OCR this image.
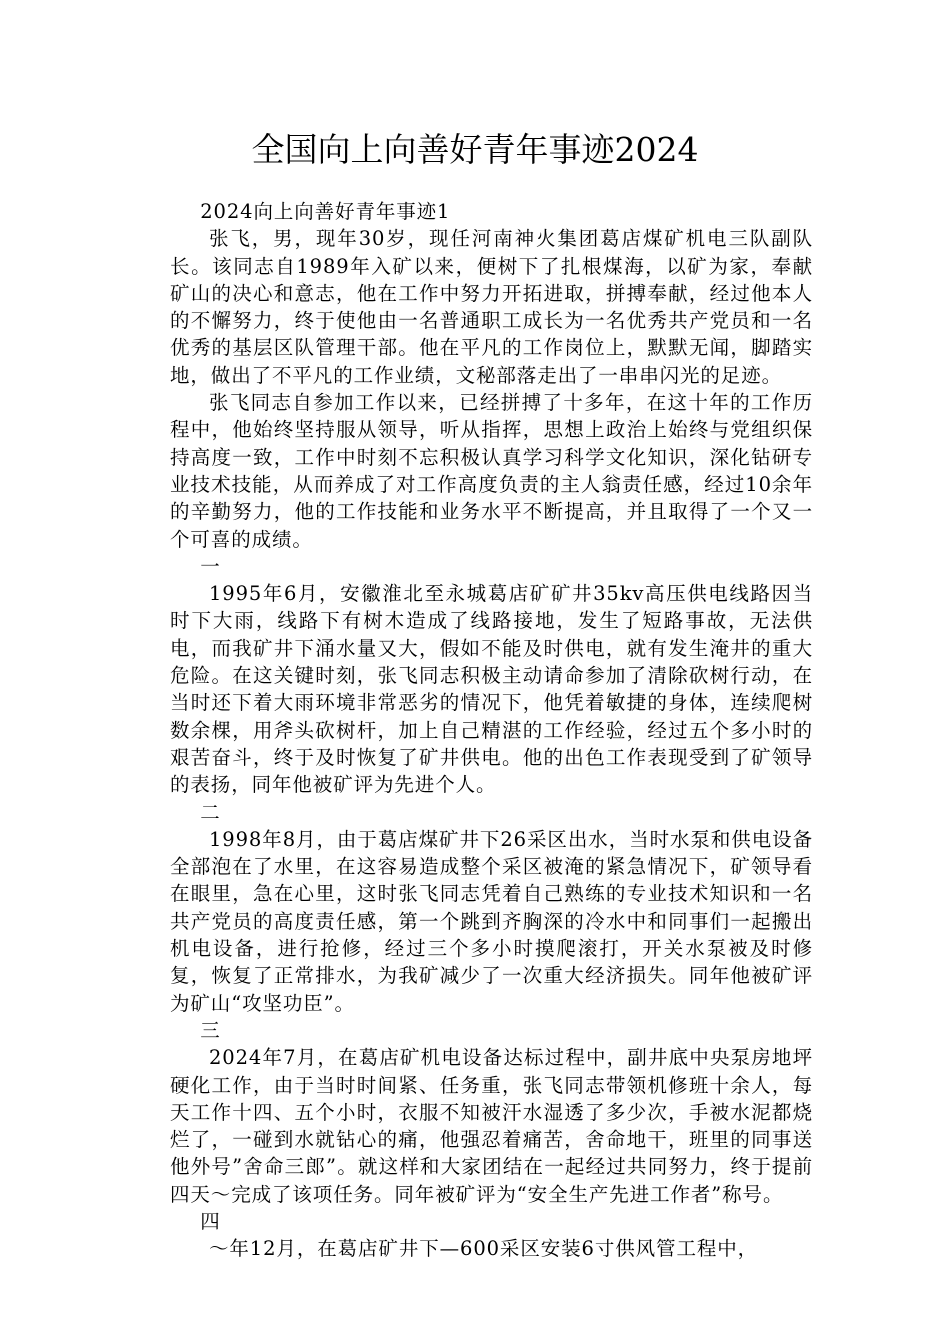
全国向上向善好青年事迹2024

2024向上向善好青年事迹1

张飞，男，现年30岁，现任河南神火集团葛店煤矿机电三队副队长。该同志自1989年入矿以来，便树下了扎根煤海，以矿为家，奉献矿山的决心和意志，他在工作中努力开拓进取，拼搏奉献，经过他本人的不懈努力，终于使他由一名普通职工成长为一名优秀共产党员和一名优秀的基层区队管理干部。他在平凡的工作岗位上，默默无闻，脚踏实地，做出了不平凡的工作业绩，文秘部落走出了一串串闪光的足迹。

张飞同志自参加工作以来，已经拼搏了十多年，在这十年的工作历程中，他始终坚持服从领导，听从指挥，思想上政治上始终与党组织保持高度一致，工作中时刻不忘积极认真学习科学文化知识，深化钻研专业技术技能，从而养成了对工作高度负责的主人翁责任感，经过10余年的辛勤努力，他的工作技能和业务水平不断提高，并且取得了一个又一个可喜的成绩。

一

1995年6月，安徽淮北至永城葛店矿矿井35kv高压供电线路因当时下大雨，线路下有树木造成了线路接地，发生了短路事故，无法供电，而我矿井下涌水量又大，假如不能及时供电，就有发生淹井的重大危险。在这关键时刻，张飞同志积极主动请命参加了清除砍树行动，在当时还下着大雨环境非常恶劣的情况下，他凭着敏捷的身体，连续爬树数余棵，用斧头砍树杆，加上自己精湛的工作经验，经过五个多小时的艰苦奋斗，终于及时恢复了矿井供电。他的出色工作表现受到了矿领导的表扬，同年他被矿评为先进个人。

二

1998年8月，由于葛店煤矿井下26采区出水，当时水泵和供电设备全部泡在了水里，在这容易造成整个采区被淹的紧急情况下，矿领导看在眼里，急在心里，这时张飞同志凭着自己熟练的专业技术知识和一名共产党员的高度责任感，第一个跳到齐胸深的冷水中和同事们一起搬出机电设备，进行抢修，经过三个多小时摸爬滚打，开关水泵被及时修复，恢复了正常排水，为我矿减少了一次重大经济损失。同年他被矿评为矿山“攻坚功臣”。

三

2024年7月，在葛店矿机电设备达标过程中，副井底中央泵房地坪硬化工作，由于当时时间紧、任务重，张飞同志带领机修班十余人，每天工作十四、五个小时，衣服不知被汗水湿透了多少次，手被水泥都烧烂了，一碰到水就钻心的痛，他强忍着痛苦，舍命地干，班里的同事送他外号”舍命三郎”。就这样和大家团结在一起经过共同努力，终于提前四天～完成了该项任务。同年被矿评为“安全生产先进工作者”称号。

四

～年12月，在葛店矿井下—600采区安装6寸供风管工程中，
